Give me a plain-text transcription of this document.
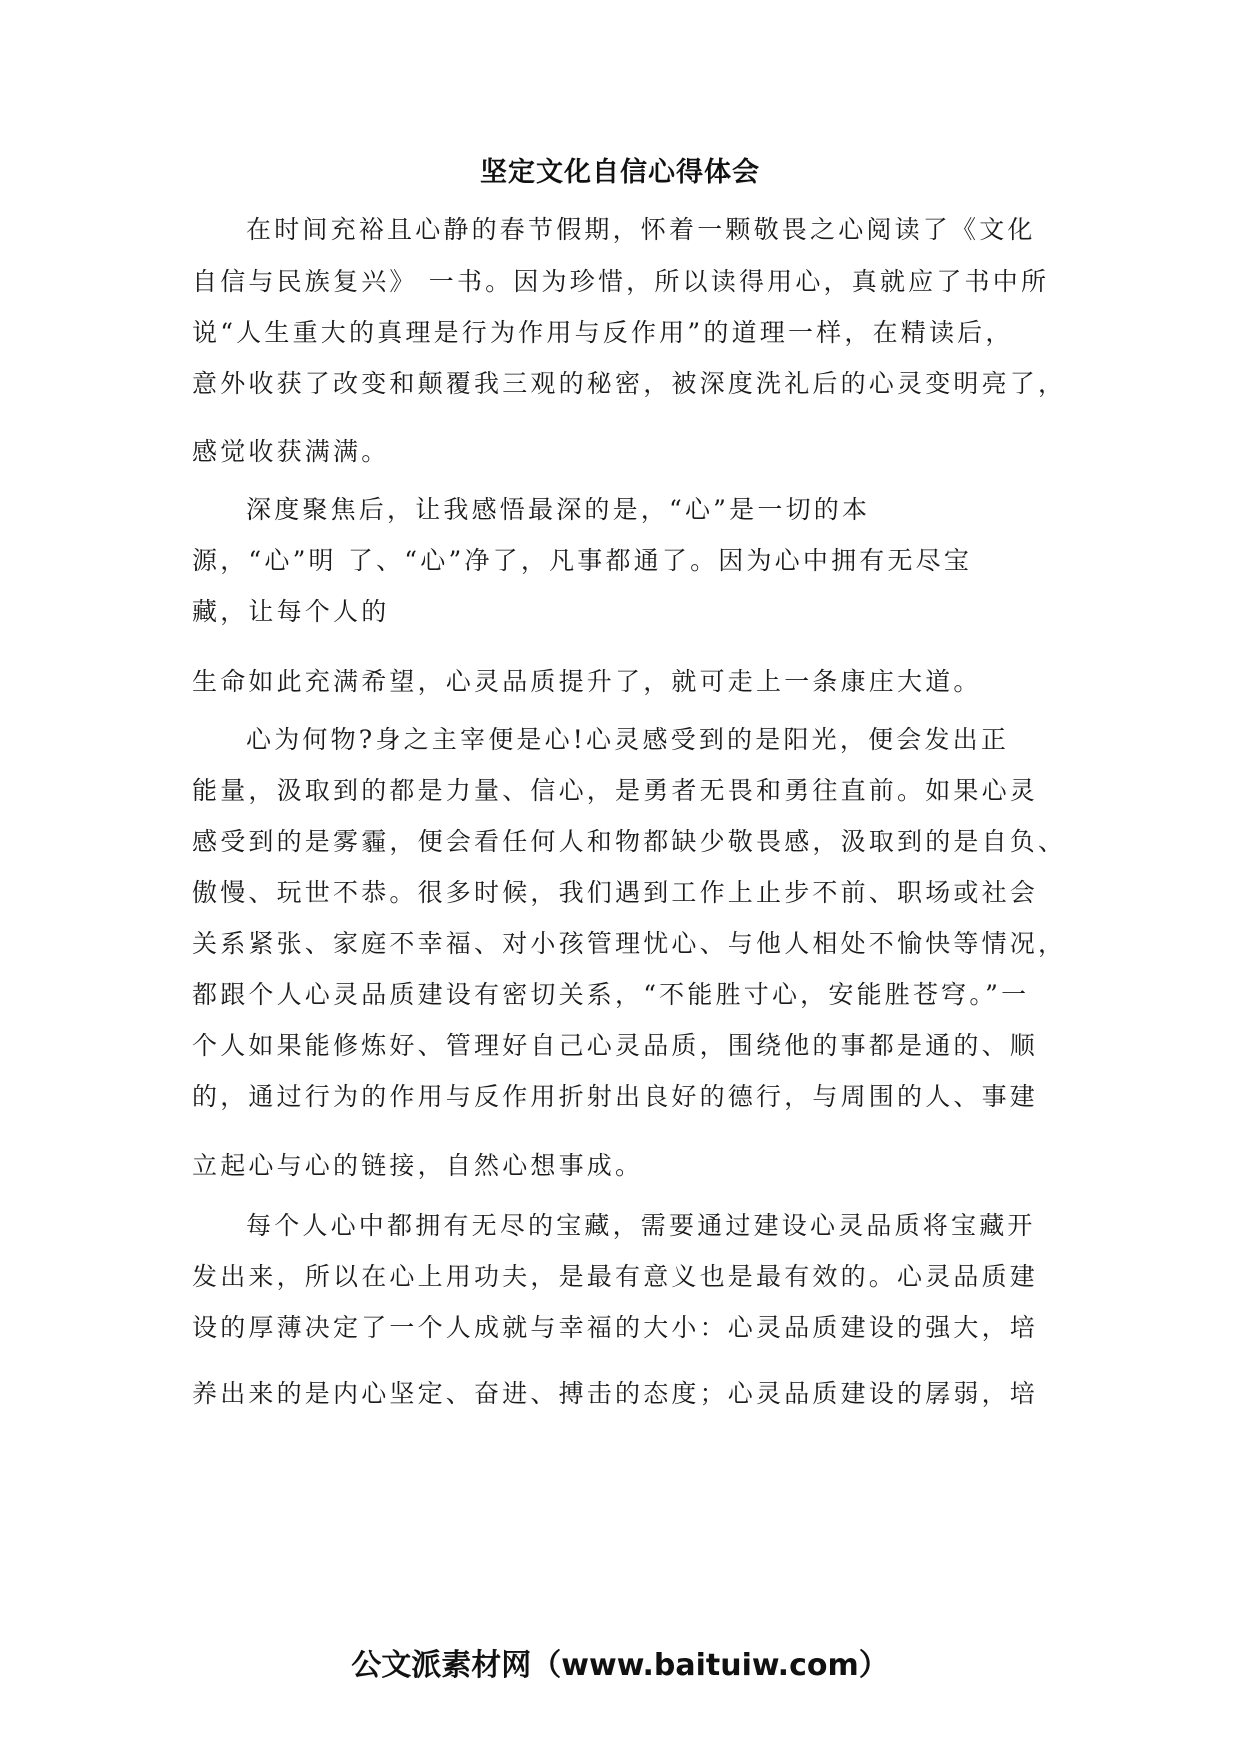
坚定文化自信心得体会
在时间充裕且心静的春节假期，怀着一颗敬畏之心阅读了《文化
自信与民族复兴》 一书。因为珍惜，所以读得用心，真就应了书中所
说“人生重大的真理是行为作用与反作用”的道理一样，在精读后，
意外收获了改变和颠覆我三观的秘密，被深度洗礼后的心灵变明亮了，
感觉收获满满。
深度聚焦后，让我感悟最深的是，“心”是一切的本
源，“心”明 了、“心”净了，凡事都通了。因为心中拥有无尽宝
藏，让每个人的
生命如此充满希望，心灵品质提升了，就可走上一条康庄大道。
心为何物?身之主宰便是心!心灵感受到的是阳光，便会发出正
能量，汲取到的都是力量、信心，是勇者无畏和勇往直前。如果心灵
感受到的是雾霾，便会看任何人和物都缺少敬畏感，汲取到的是自负、
傲慢、玩世不恭。很多时候，我们遇到工作上止步不前、职场或社会
关系紧张、家庭不幸福、对小孩管理忧心、与他人相处不愉快等情况，
都跟个人心灵品质建设有密切关系，“不能胜寸心，安能胜苍穹。”一
个人如果能修炼好、管理好自己心灵品质，围绕他的事都是通的、顺
的，通过行为的作用与反作用折射出良好的德行，与周围的人、事建
立起心与心的链接，自然心想事成。
每个人心中都拥有无尽的宝藏，需要通过建设心灵品质将宝藏开
发出来，所以在心上用功夫，是最有意义也是最有效的。心灵品质建
设的厚薄决定了一个人成就与幸福的大小：心灵品质建设的强大，培
养出来的是内心坚定、奋进、搏击的态度；心灵品质建设的孱弱，培
公文派素材网（www.baituiw.com）
